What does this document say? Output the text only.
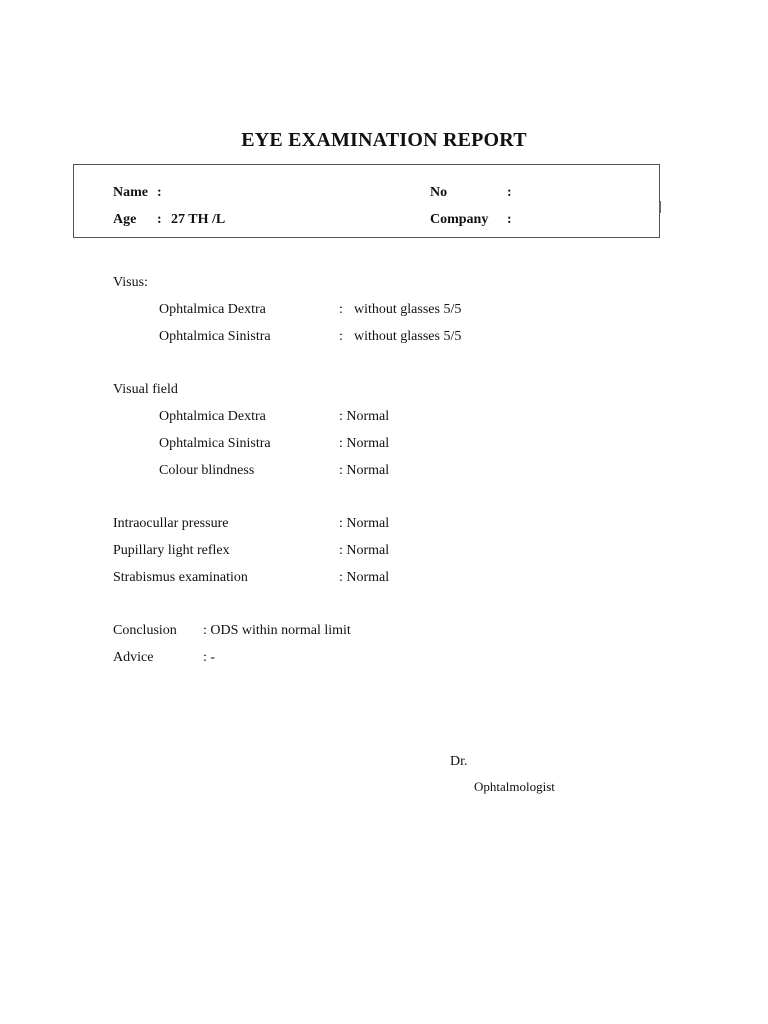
EYE EXAMINATION REPORT
Name :	No	:
Age : 27 TH /L	Company :
Visus:
Ophtalmica Dextra	: without glasses 5/5
Ophtalmica Sinistra	: without glasses 5/5
Visual field
Ophtalmica Dextra	: Normal
Ophtalmica Sinistra	: Normal
Colour blindness	: Normal
Intraocullar pressure	: Normal
Pupillary light reflex	: Normal
Strabismus examination	: Normal
Conclusion : ODS within normal limit
Advice	: -
Dr.
Ophtalmologist
